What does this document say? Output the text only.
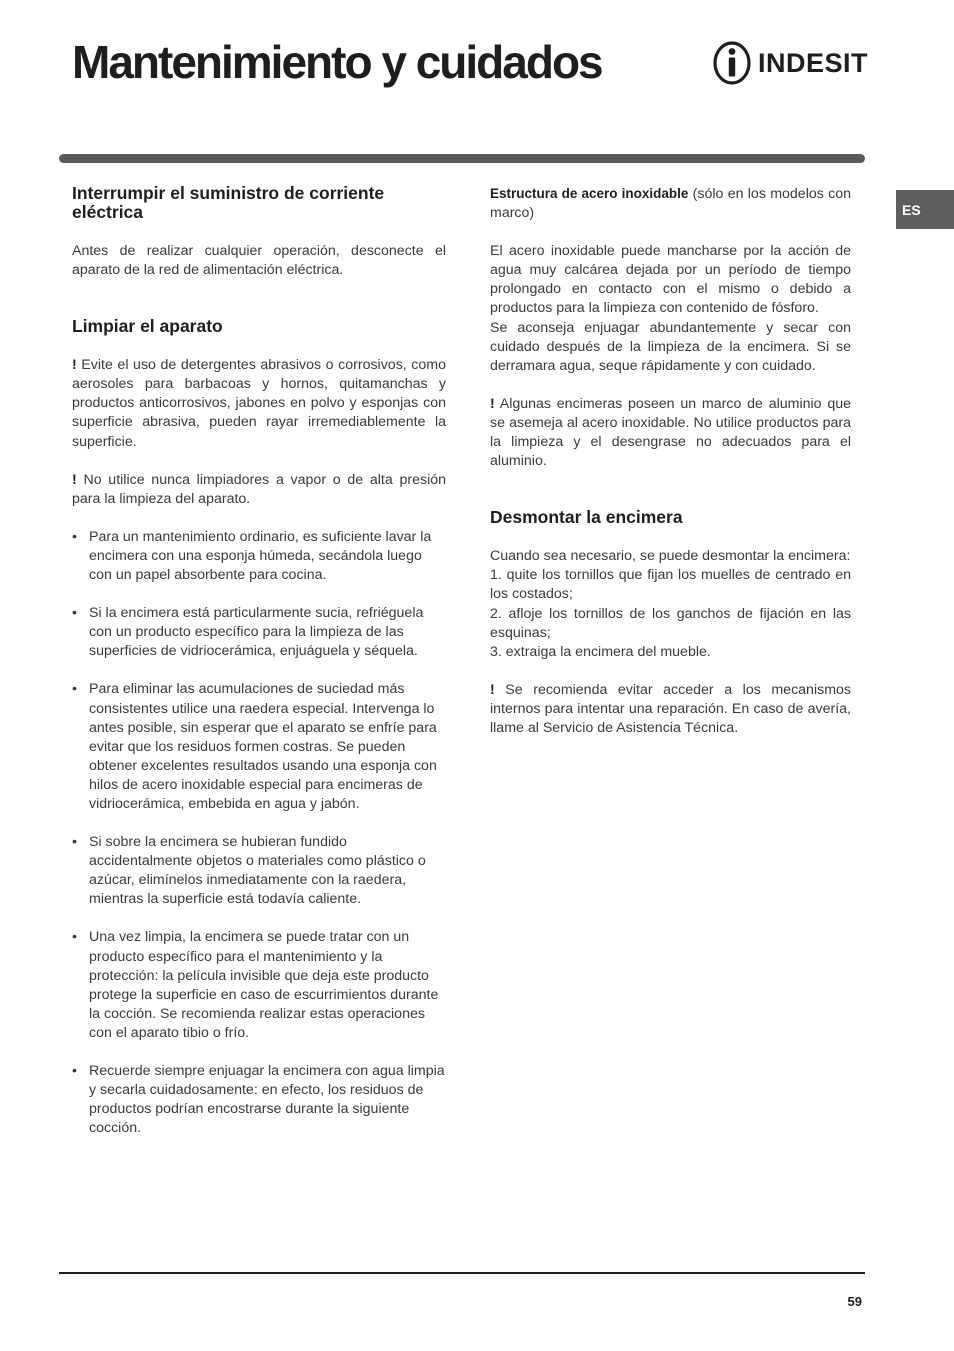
Mantenimiento y cuidados	INDESIT
ES
Interrumpir el suministro de corriente eléctrica

Antes de realizar cualquier operación, desconecte el aparato de la red de alimentación eléctrica.

Limpiar el aparato

! Evite el uso de detergentes abrasivos o corrosivos, como aerosoles para barbacoas y hornos, quitamanchas y productos anticorrosivos, jabones en polvo y esponjas con superficie abrasiva, pueden rayar irremediablemente la superficie.

! No utilice nunca limpiadores a vapor o de alta presión para la limpieza del aparato.

• Para un mantenimiento ordinario, es suficiente lavar la encimera con una esponja húmeda, secándola luego con un papel absorbente para cocina.
• Si la encimera está particularmente sucia, refriéguela con un producto específico para la limpieza de las superficies de vidriocerámica, enjuáguela y séquela.
• Para eliminar las acumulaciones de suciedad más consistentes utilice una raedera especial. Intervenga lo antes posible, sin esperar que el aparato se enfríe para evitar que los residuos formen costras. Se pueden obtener excelentes resultados usando una esponja con hilos de acero inoxidable especial para encimeras de vidriocerámica, embebida en agua y jabón.
• Si sobre la encimera se hubieran fundido accidentalmente objetos o materiales como plástico o azúcar, elimínelos inmediatamente con la raedera, mientras la superficie está todavía caliente.
• Una vez limpia, la encimera se puede tratar con un producto específico para el mantenimiento y la protección: la película invisible que deja este producto protege la superficie en caso de escurrimientos durante la cocción. Se recomienda realizar estas operaciones con el aparato tibio o frío.
• Recuerde siempre enjuagar la encimera con agua limpia y secarla cuidadosamente: en efecto, los residuos de productos podrían encostrarse durante la siguiente cocción.

Estructura de acero inoxidable (sólo en los modelos con marco)

El acero inoxidable puede mancharse por la acción de agua muy calcárea dejada por un período de tiempo prolongado en contacto con el mismo o debido a productos para la limpieza con contenido de fósforo.

Se aconseja enjuagar abundantemente y secar con cuidado después de la limpieza de la encimera. Si se derramara agua, seque rápidamente y con cuidado.

! Algunas encimeras poseen un marco de aluminio que se asemeja al acero inoxidable. No utilice productos para la limpieza y el desengrase no adecuados para el aluminio.

Desmontar la encimera

Cuando sea necesario, se puede desmontar la encimera:

1. quite los tornillos que fijan los muelles de centrado en los costados;

2. afloje los tornillos de los ganchos de fijación en las esquinas;

3. extraiga la encimera del mueble.

! Se recomienda evitar acceder a los mecanismos internos para intentar una reparación. En caso de avería, llame al Servicio de Asistencia Técnica.

59
